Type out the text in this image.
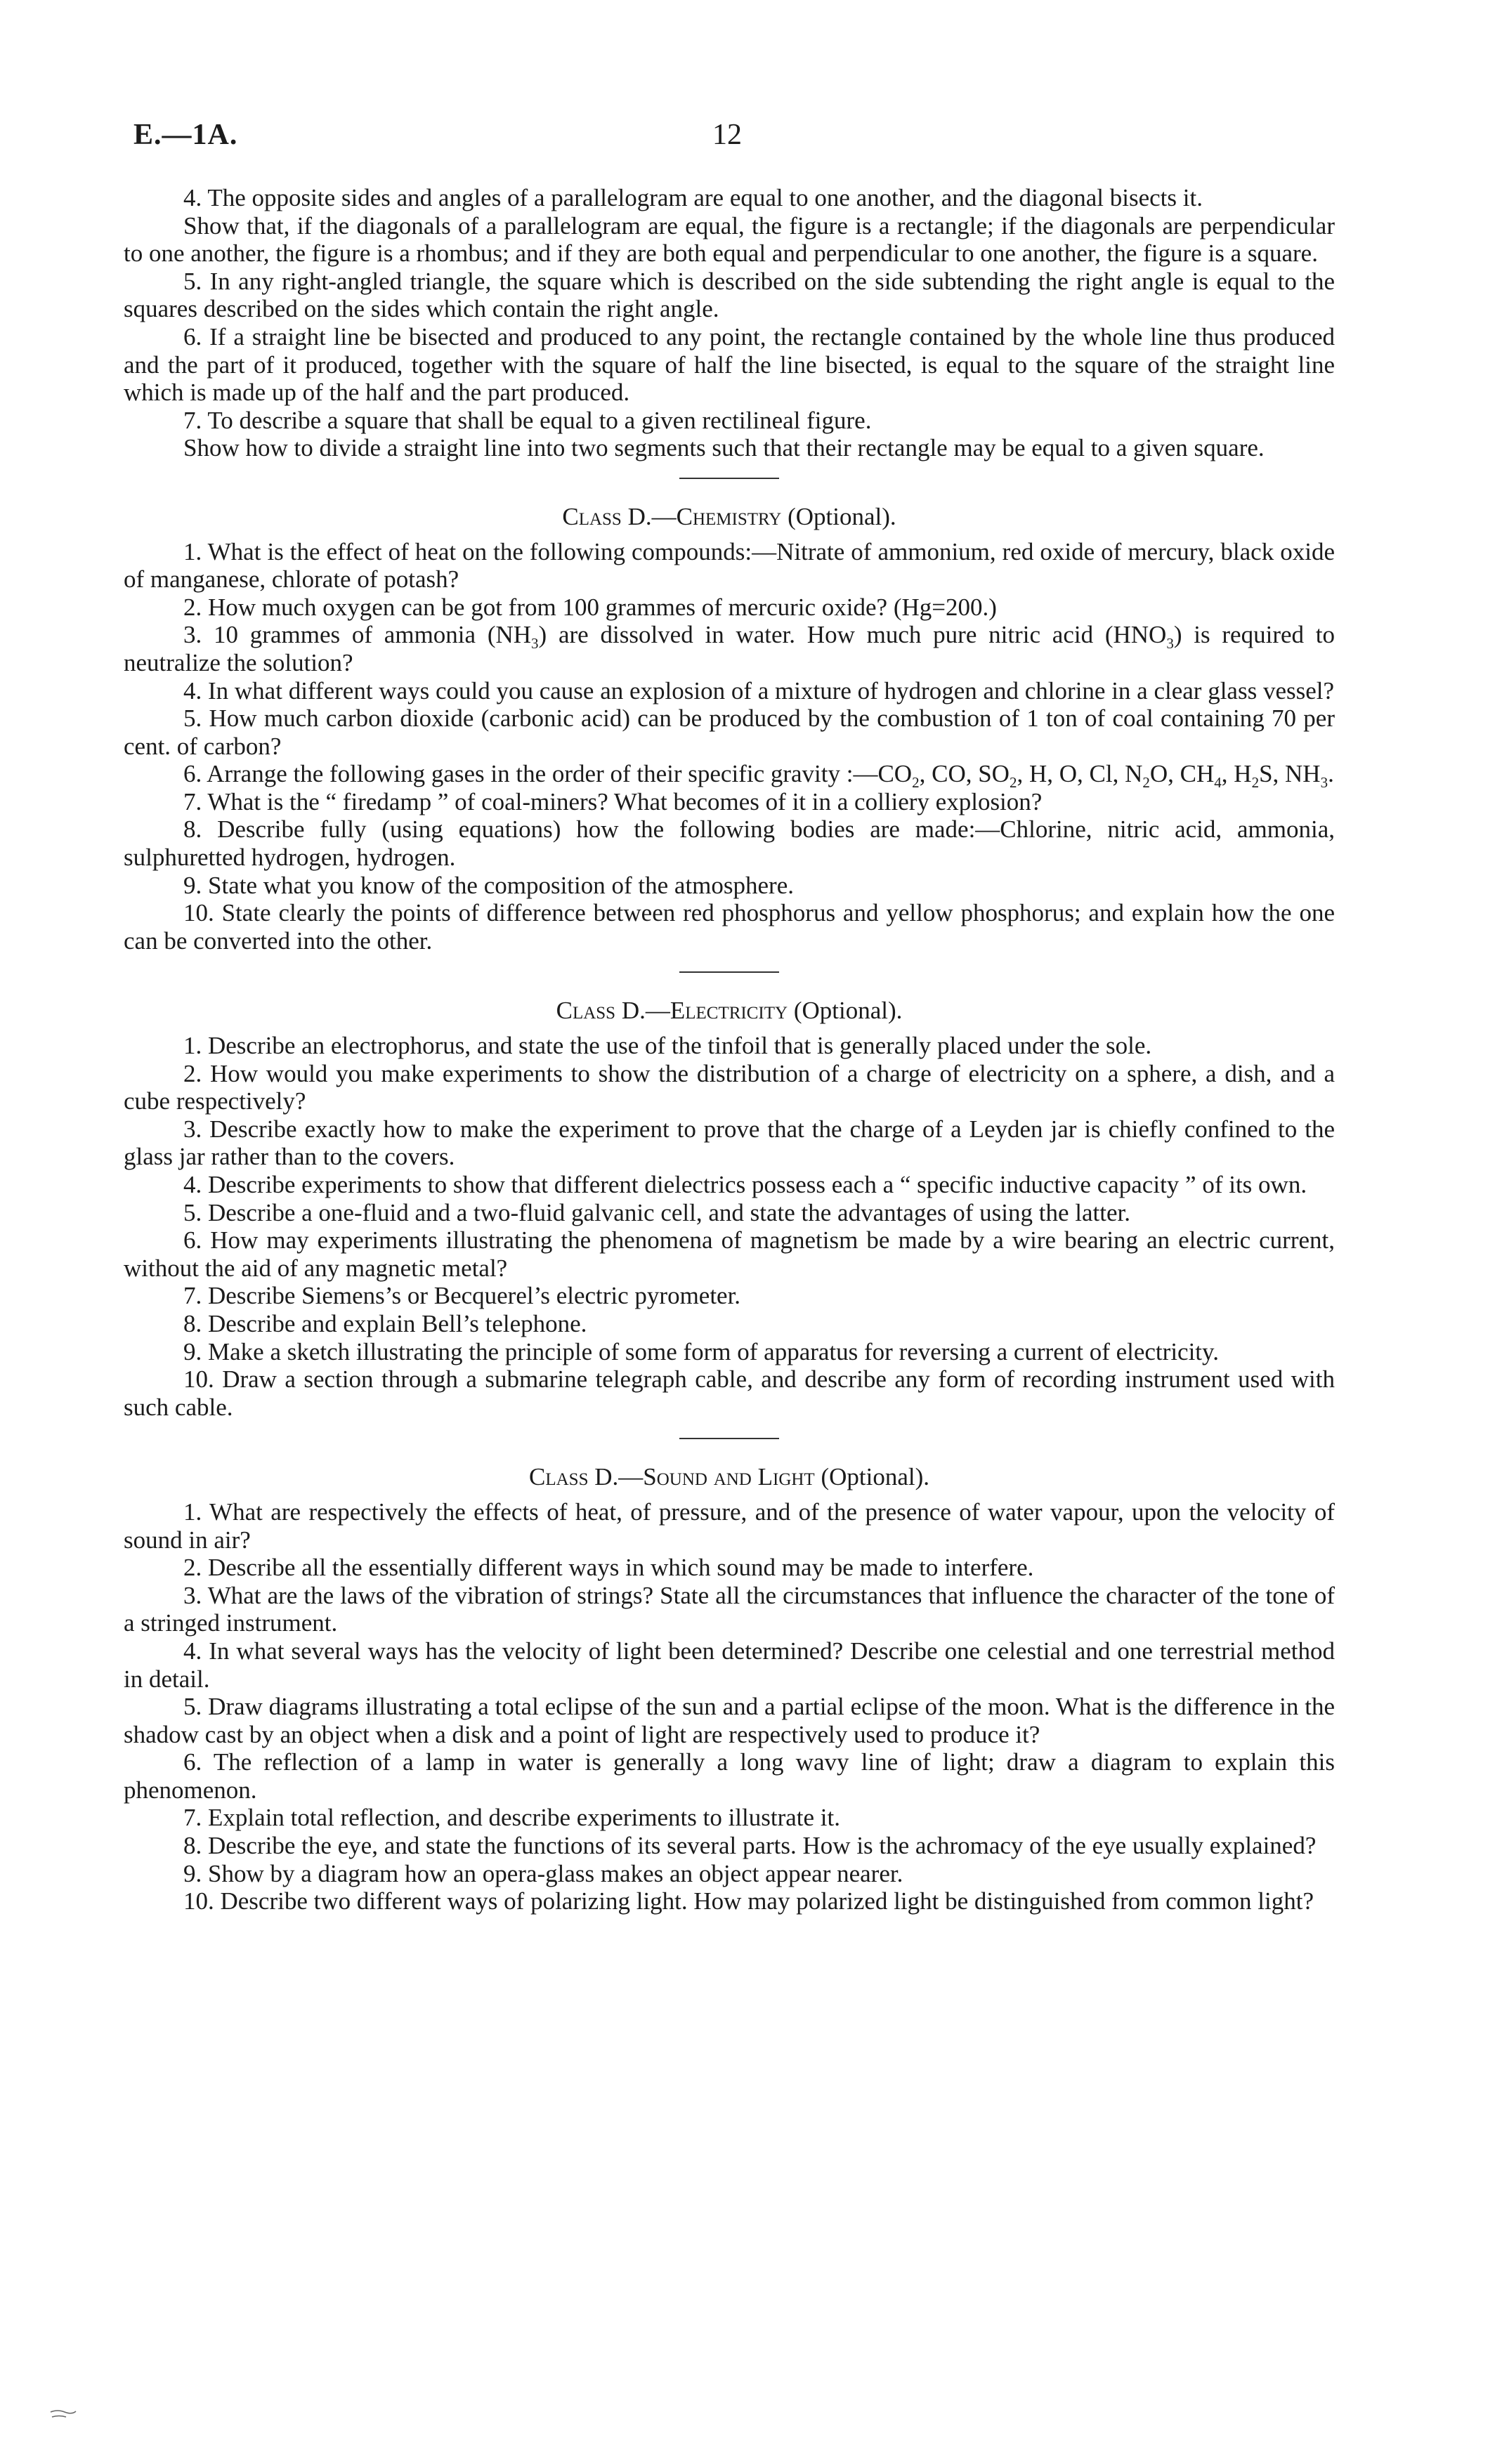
E.—1A.	12

4. The opposite sides and angles of a parallelogram are equal to one another, and the diagonal bisects it.

Show that, if the diagonals of a parallelogram are equal, the figure is a rectangle; if the diagonals are perpendicular to one another, the figure is a rhombus; and if they are both equal and perpendicular to one another, the figure is a square.

5. In any right-angled triangle, the square which is described on the side subtending the right angle is equal to the squares described on the sides which contain the right angle.

6. If a straight line be bisected and produced to any point, the rectangle contained by the whole line thus produced and the part of it produced, together with the square of half the line bisected, is equal to the square of the straight line which is made up of the half and the part produced.

7. To describe a square that shall be equal to a given rectilineal figure.

Show how to divide a straight line into two segments such that their rectangle may be equal to a given square.

Class D.—Chemistry (Optional).

1. What is the effect of heat on the following compounds:—Nitrate of ammonium, red oxide of mercury, black oxide of manganese, chlorate of potash?

2. How much oxygen can be got from 100 grammes of mercuric oxide? (Hg=200.)

3. 10 grammes of ammonia $(NH_3)$ are dissolved in water. How much pure nitric acid $(HNO_3)$ is required to neutralize the solution?

4. In what different ways could you cause an explosion of a mixture of hydrogen and chlorine in a clear glass vessel?

5. How much carbon dioxide (carbonic acid) can be produced by the combustion of 1 ton of coal containing 70 per cent. of carbon?

6. Arrange the following gases in the order of their specific gravity $:—CO_2$, CO, $SO_2$, H, O, Cl, $N_2O$, $CH_4$, $H_2S$, $NH_3$.

7. What is the “ firedamp ” of coal-miners? What becomes of it in a colliery explosion?

8. Describe fully (using equations) how the following bodies are made:—Chlorine, nitric acid, ammonia, sulphuretted hydrogen, hydrogen.

9. State what you know of the composition of the atmosphere.

10. State clearly the points of difference between red phosphorus and yellow phosphorus; and explain how the one can be converted into the other.

Class D.—Electricity (Optional).

1. Describe an electrophorus, and state the use of the tinfoil that is generally placed under the sole.

2. How would you make experiments to show the distribution of a charge of electricity on a sphere, a dish, and a cube respectively?

3. Describe exactly how to make the experiment to prove that the charge of a Leyden jar is chiefly confined to the glass jar rather than to the covers.

4. Describe experiments to show that different dielectrics possess each a “ specific inductive capacity ” of its own.

5. Describe a one-fluid and a two-fluid galvanic cell, and state the advantages of using the latter.

6. How may experiments illustrating the phenomena of magnetism be made by a wire bearing an electric current, without the aid of any magnetic metal?

7. Describe Siemens’s or Becquerel’s electric pyrometer.

8. Describe and explain Bell’s telephone.

9. Make a sketch illustrating the principle of some form of apparatus for reversing a current of electricity.

10. Draw a section through a submarine telegraph cable, and describe any form of recording instrument used with such cable.

Class D.—Sound and Light (Optional).

1. What are respectively the effects of heat, of pressure, and of the presence of water vapour, upon the velocity of sound in air?

2. Describe all the essentially different ways in which sound may be made to interfere.

3. What are the laws of the vibration of strings? State all the circumstances that influence the character of the tone of a stringed instrument.

4. In what several ways has the velocity of light been determined? Describe one celestial and one terrestrial method in detail.

5. Draw diagrams illustrating a total eclipse of the sun and a partial eclipse of the moon. What is the difference in the shadow cast by an object when a disk and a point of light are respectively used to produce it?

6. The reflection of a lamp in water is generally a long wavy line of light; draw a diagram to explain this phenomenon.

7. Explain total reflection, and describe experiments to illustrate it.

8. Describe the eye, and state the functions of its several parts. How is the achromacy of the eye usually explained?

9. Show by a diagram how an opera-glass makes an object appear nearer.

10. Describe two different ways of polarizing light. How may polarized light be distinguished from common light?
